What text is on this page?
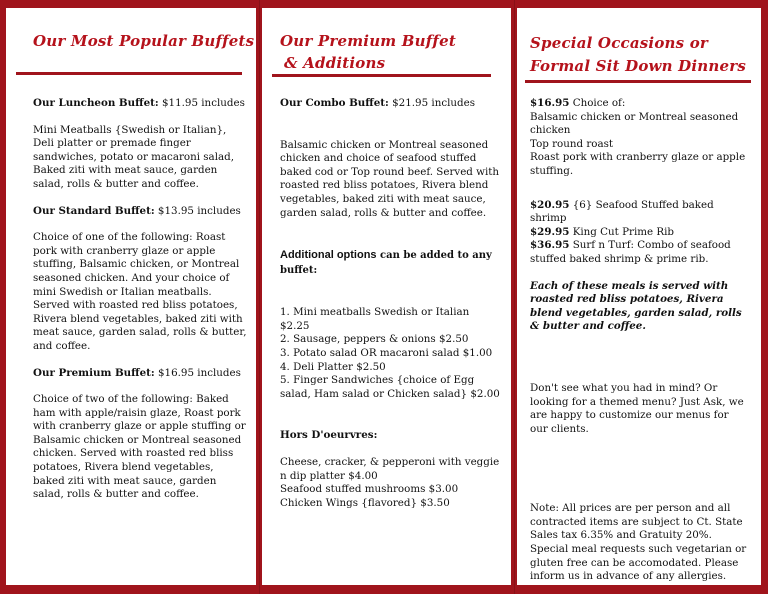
Our Most Popular Buffets

Our Luncheon Buffet: $11.95 includes

Mini Meatballs {Swedish or Italian}, Deli platter or premade finger sandwiches, potato or macaroni salad, Baked ziti with meat sauce, garden salad, rolls & butter and coffee.

Our Standard Buffet: $13.95 includes

Choice of one of the following: Roast pork with cranberry glaze or apple stuffing, Balsamic chicken, or Montreal seasoned chicken. And your choice of mini Swedish or Italian meatballs. Served with roasted red bliss potatoes, Rivera blend vegetables, baked ziti with meat sauce, garden salad, rolls & butter, and coffee.

Our Premium Buffet: $16.95 includes

Choice of two of the following: Baked ham with apple/raisin glaze, Roast pork with cranberry glaze or apple stuffing or Balsamic chicken or Montreal seasoned chicken. Served with roasted red bliss potatoes, Rivera blend vegetables, baked ziti with meat sauce, garden salad, rolls & butter and coffee.

Our Premium Buffet
& Additions

Our Combo Buffet: $21.95 includes

Balsamic chicken or Montreal seasoned chicken and choice of seafood stuffed baked cod or Top round beef. Served with roasted red bliss potatoes, Rivera blend vegetables, baked ziti with meat sauce, garden salad, rolls & butter and coffee.

Additional options can be added to any buffet:

1. Mini meatballs Swedish or Italian $2.25

2. Sausage, peppers & onions $2.50

3. Potato salad OR macaroni salad $1.00

4. Deli Platter $2.50

5. Finger Sandwiches {choice of Egg salad, Ham salad or Chicken salad} $2.00

Hors D'oeurvres:

Cheese, cracker, & pepperoni with veggie n dip platter $4.00

Seafood stuffed mushrooms $3.00

Chicken Wings {flavored} $3.50

Special Occasions or
Formal Sit Down Dinners

$16.95 Choice of:

Balsamic chicken or Montreal seasoned chicken

Top round roast

Roast pork with cranberry glaze or apple stuffing.

$20.95 {6} Seafood Stuffed baked shrimp

$29.95 King Cut Prime Rib

$36.95 Surf n Turf: Combo of seafood stuffed baked shrimp & prime rib.

Each of these meals is served with roasted red bliss potatoes, Rivera blend vegetables, garden salad, rolls & butter and coffee.

Don't see what you had in mind? Or looking for a themed menu? Just Ask, we are happy to customize our menus for our clients.

Note: All prices are per person and all contracted items are subject to Ct. State Sales tax 6.35% and Gratuity 20%. Special meal requests such vegetarian or gluten free can be accomodated. Please inform us in advance of any allergies.
